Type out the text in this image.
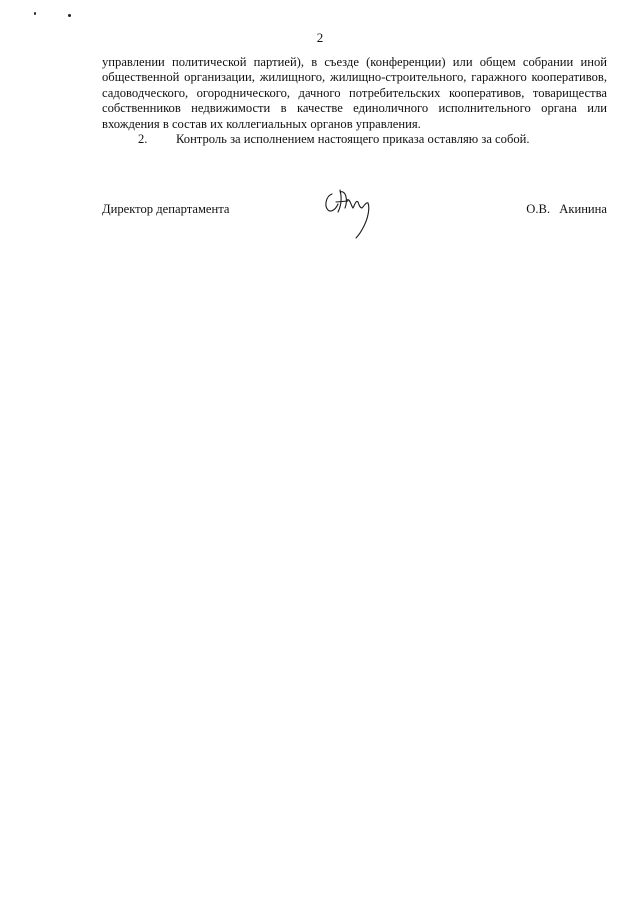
2

управлении политической партией), в съезде (конференции) или общем собрании иной общественной организации, жилищного, жилищно-строительного, гаражного кооперативов, садоводческого, огороднического, дачного потребительских кооперативов, товарищества собственников недвижимости в качестве единоличного исполнительного органа или вхождения в состав их коллегиальных органов управления.

2.	Контроль за исполнением настоящего приказа оставляю за собой.
Директор департамента	О.В. Акинина
